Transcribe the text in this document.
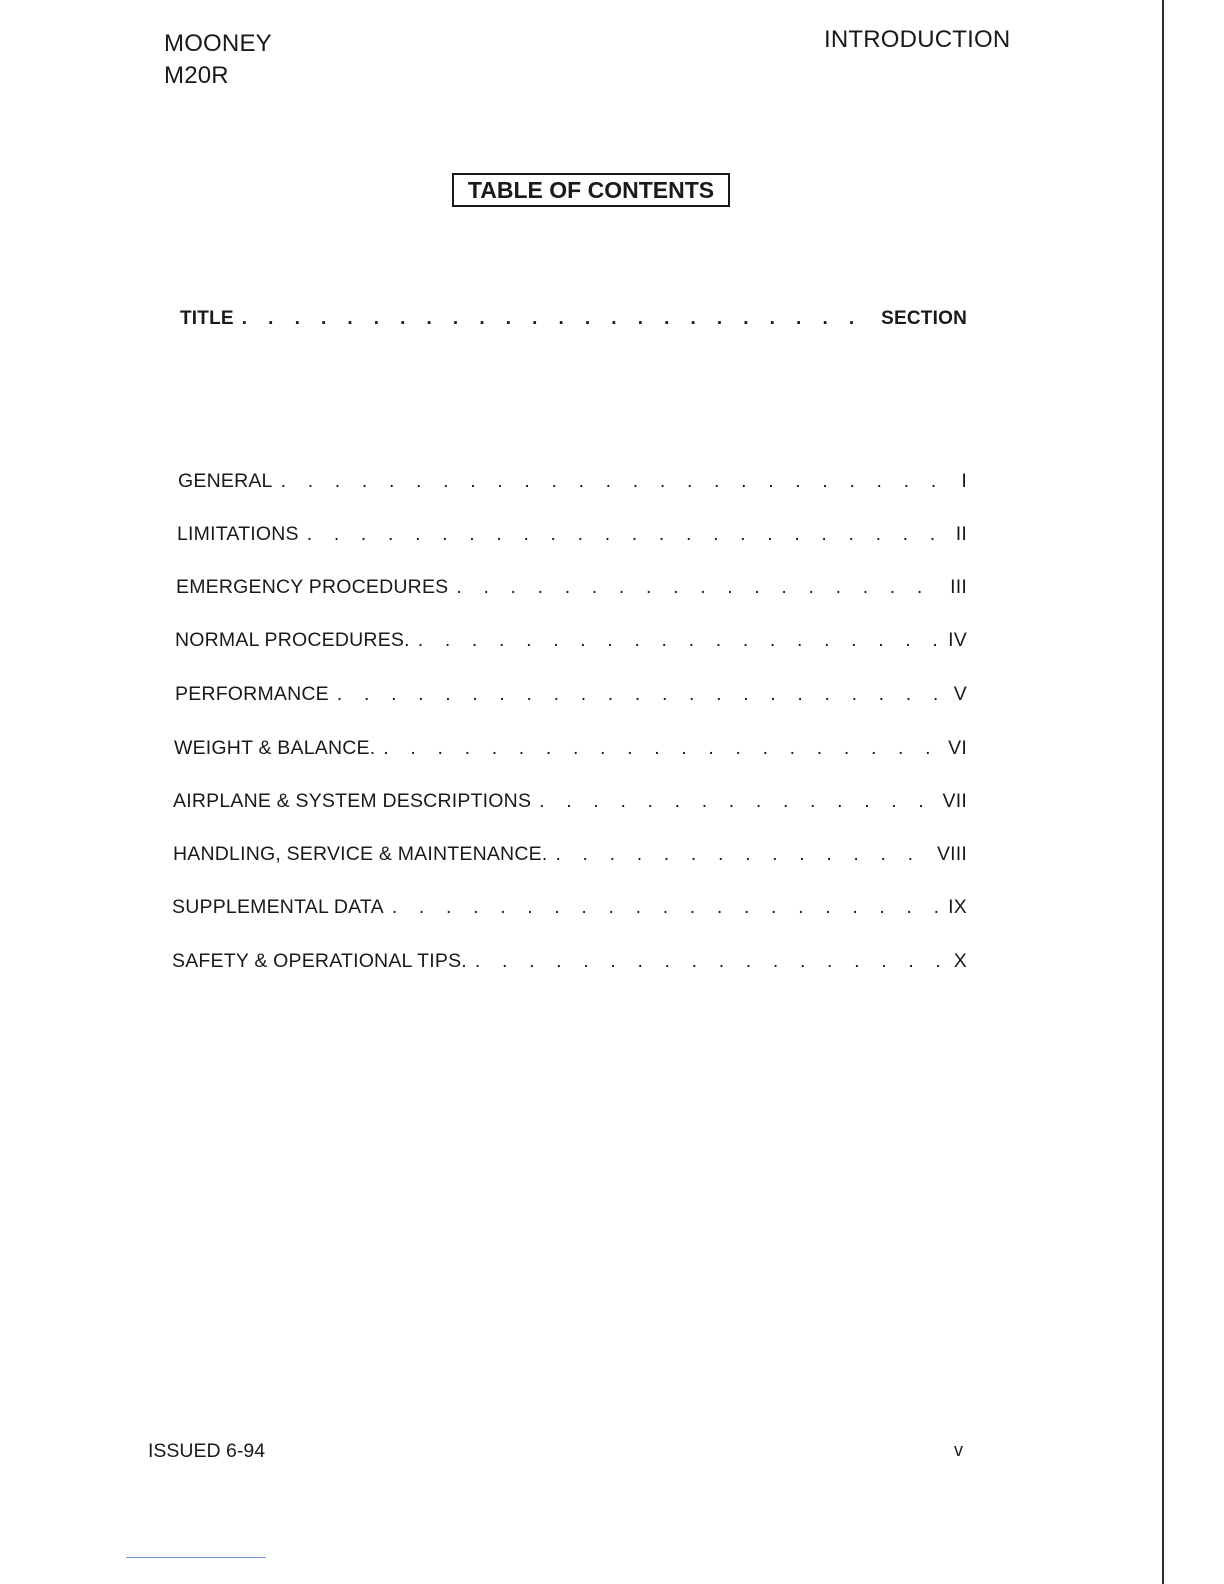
MOONEY
M20R
INTRODUCTION
TABLE OF CONTENTS
TITLE .	SECTION
GENERAL .	I
LIMITATIONS .	II
EMERGENCY PROCEDURES .	III
NORMAL PROCEDURES. .	IV
PERFORMANCE .	V
WEIGHT & BALANCE. .	VI
AIRPLANE & SYSTEM DESCRIPTIONS .	VII
HANDLING, SERVICE & MAINTENANCE. .	VIII
SUPPLEMENTAL DATA .	IX
SAFETY & OPERATIONAL TIPS. .	X
ISSUED 6-94	v
